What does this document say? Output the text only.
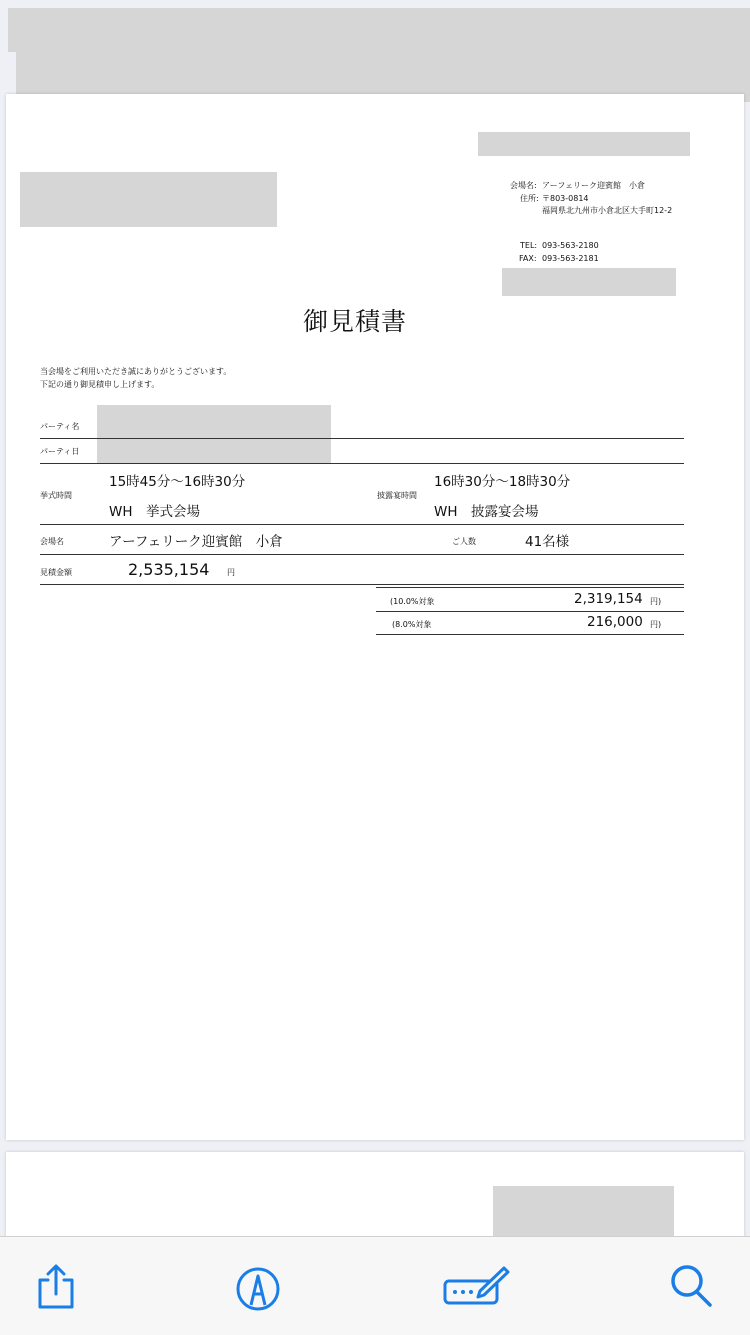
会場名: アーフェリーク迎賓館　小倉
住所: 〒803-0814
福岡県北九州市小倉北区大手町12-2
TEL: 093-563-2180
FAX: 093-563-2181
御見積書
当会場をご利用いただき誠にありがとうございます。
下記の通り御見積申し上げます。
パーティ名
パーティ日
挙式時間
15時45分〜16時30分
WH　挙式会場
披露宴時間
16時30分〜18時30分
WH　披露宴会場
会場名	アーフェリーク迎賓館　小倉	ご人数	41名様
見積金額	2,535,154 円
(10.0%対象	2,319,154 円)
(8.0%対象	216,000 円)
